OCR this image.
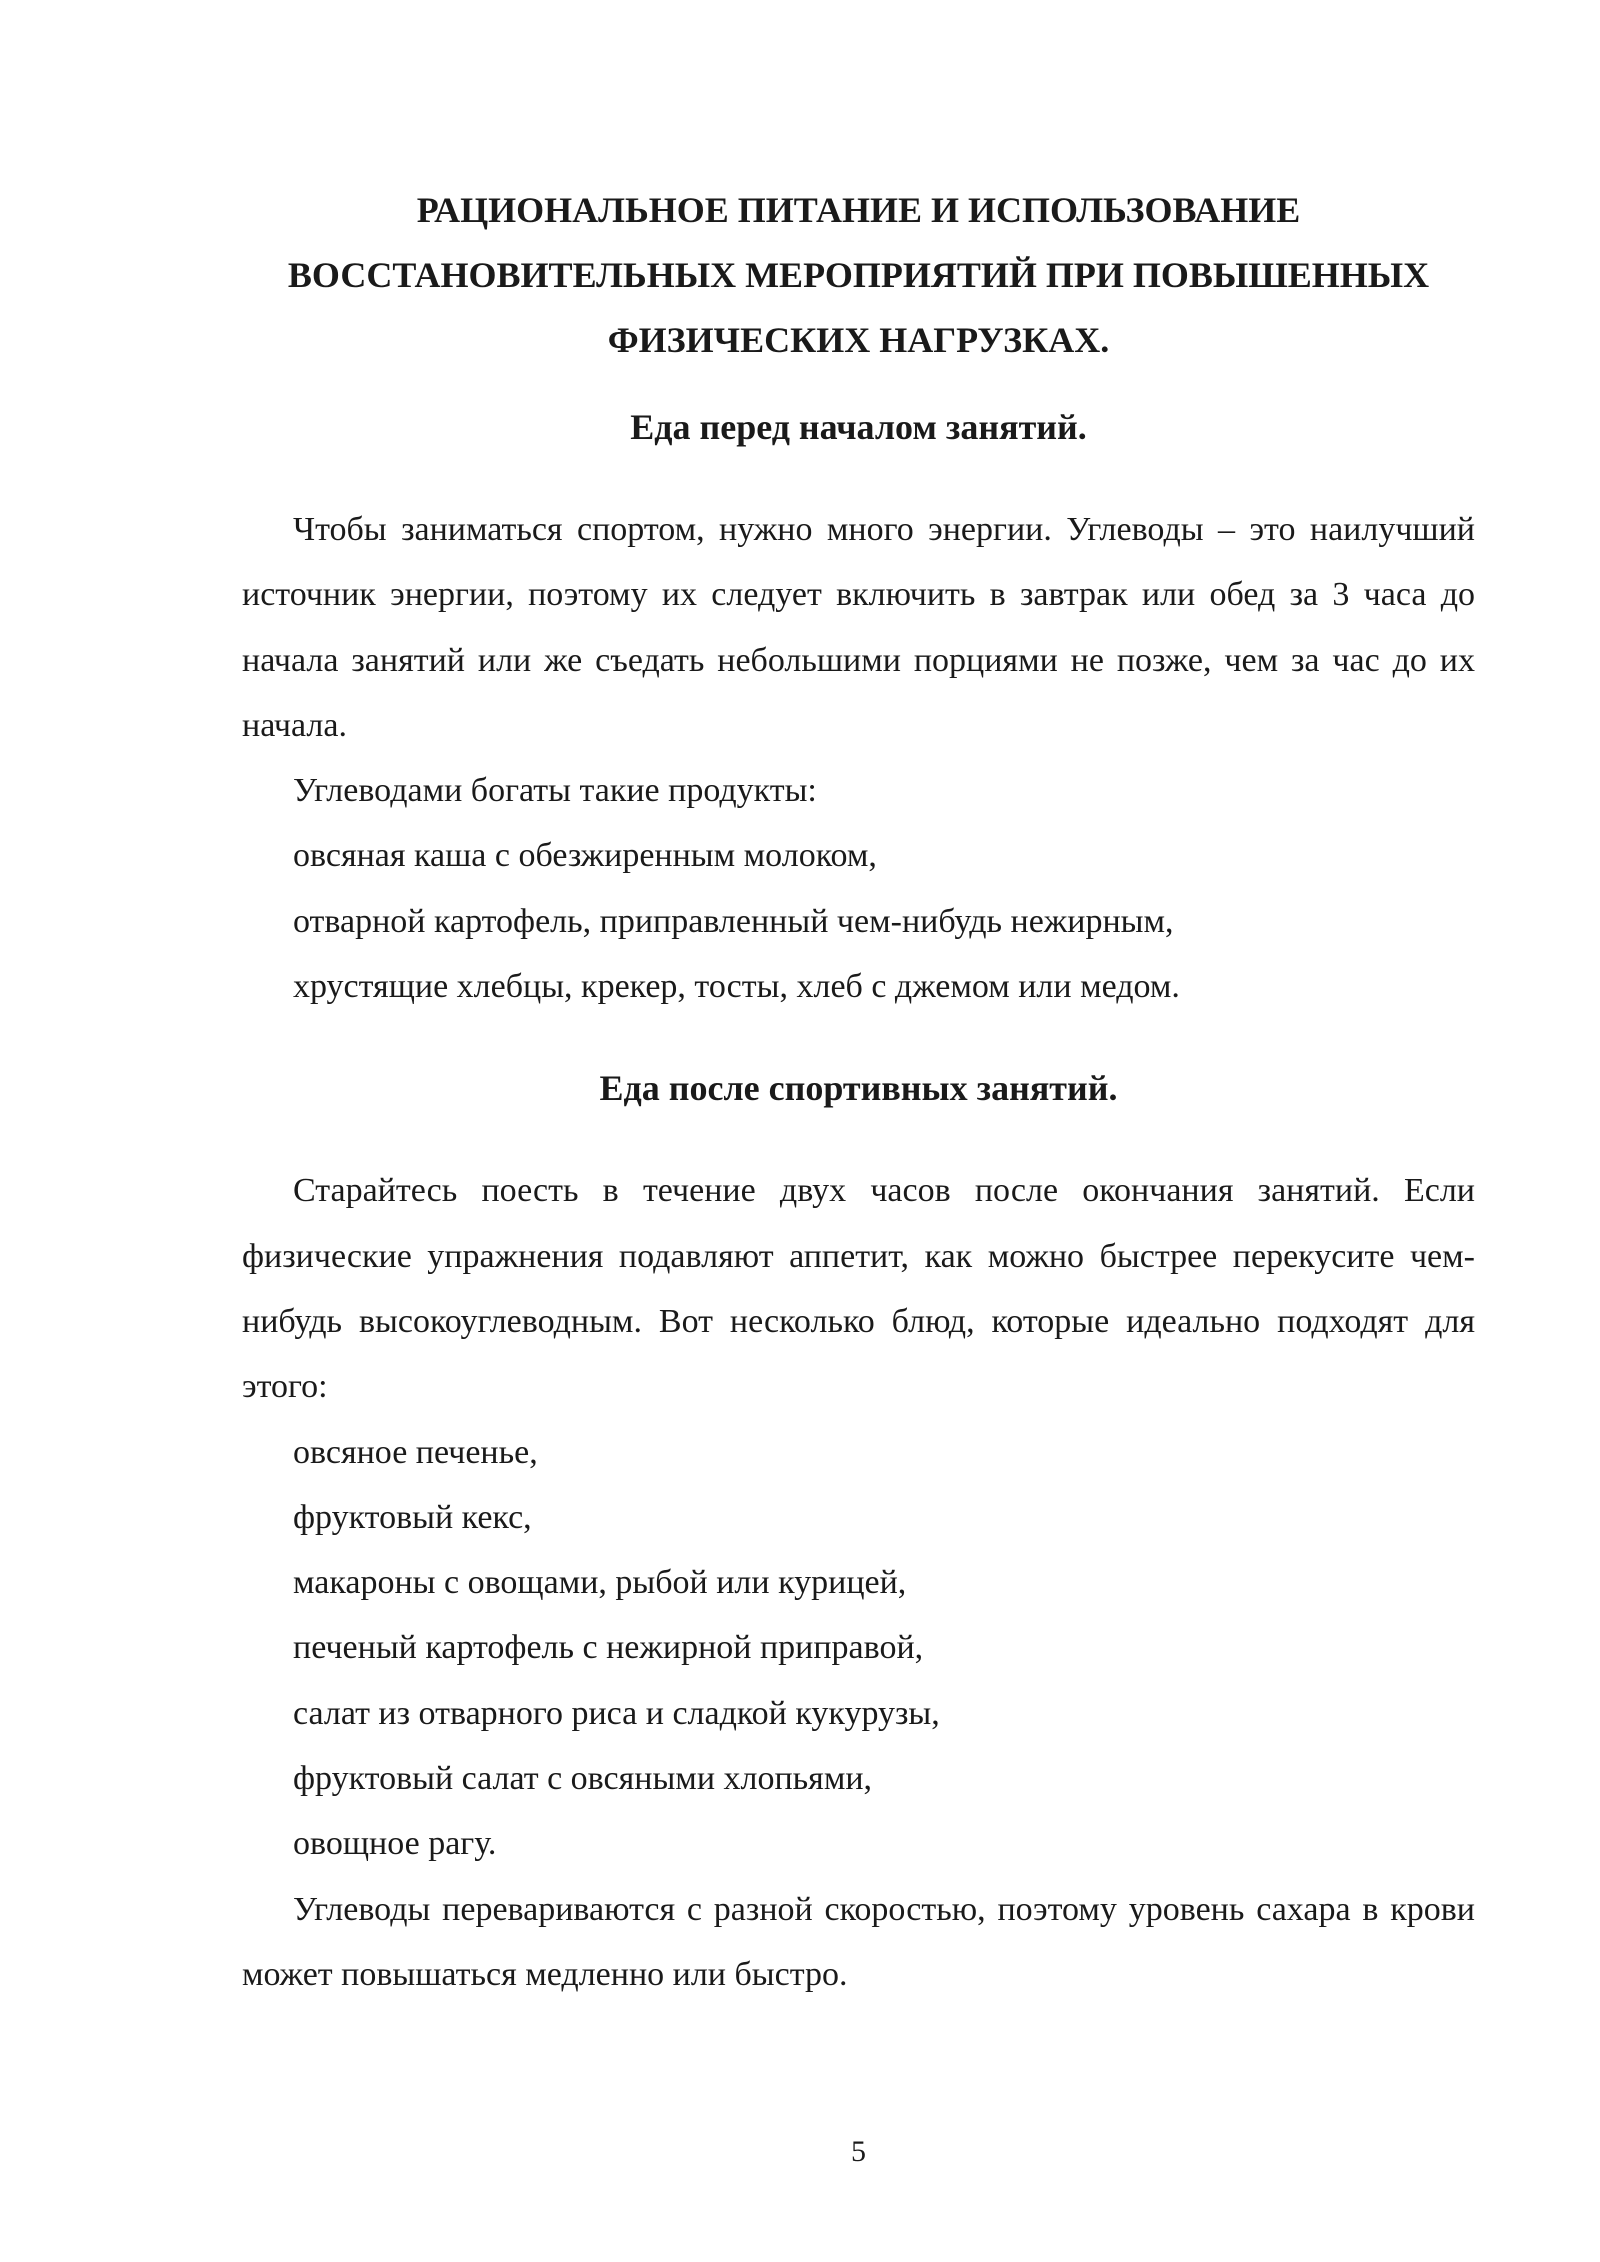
РАЦИОНАЛЬНОЕ ПИТАНИЕ И ИСПОЛЬЗОВАНИЕ
ВОССТАНОВИТЕЛЬНЫХ МЕРОПРИЯТИЙ ПРИ ПОВЫШЕННЫХ
ФИЗИЧЕСКИХ НАГРУЗКАХ.
Еда перед началом занятий.

Чтобы заниматься спортом, нужно много энергии. Углеводы – это наилучший источник энергии, поэтому их следует включить в завтрак или обед за 3 часа до начала занятий или же съедать небольшими порциями не позже, чем за час до их начала.

Углеводами богаты такие продукты:

овсяная каша с обезжиренным молоком,

отварной картофель, приправленный чем-нибудь нежирным,

хрустящие хлебцы, крекер, тосты, хлеб с джемом или медом.

Еда после спортивных занятий.

Старайтесь поесть в течение двух часов после окончания занятий. Если физические упражнения подавляют аппетит, как можно быстрее перекусите чем-нибудь высокоуглеводным. Вот несколько блюд, которые идеально подходят для этого:

овсяное печенье,

фруктовый кекс,

макароны с овощами, рыбой или курицей,

печеный картофель с нежирной приправой,

салат из отварного риса и сладкой кукурузы,

фруктовый салат с овсяными хлопьями,

овощное рагу.

Углеводы перевариваются с разной скоростью, поэтому уровень сахара в крови может повышаться медленно или быстро.

5
